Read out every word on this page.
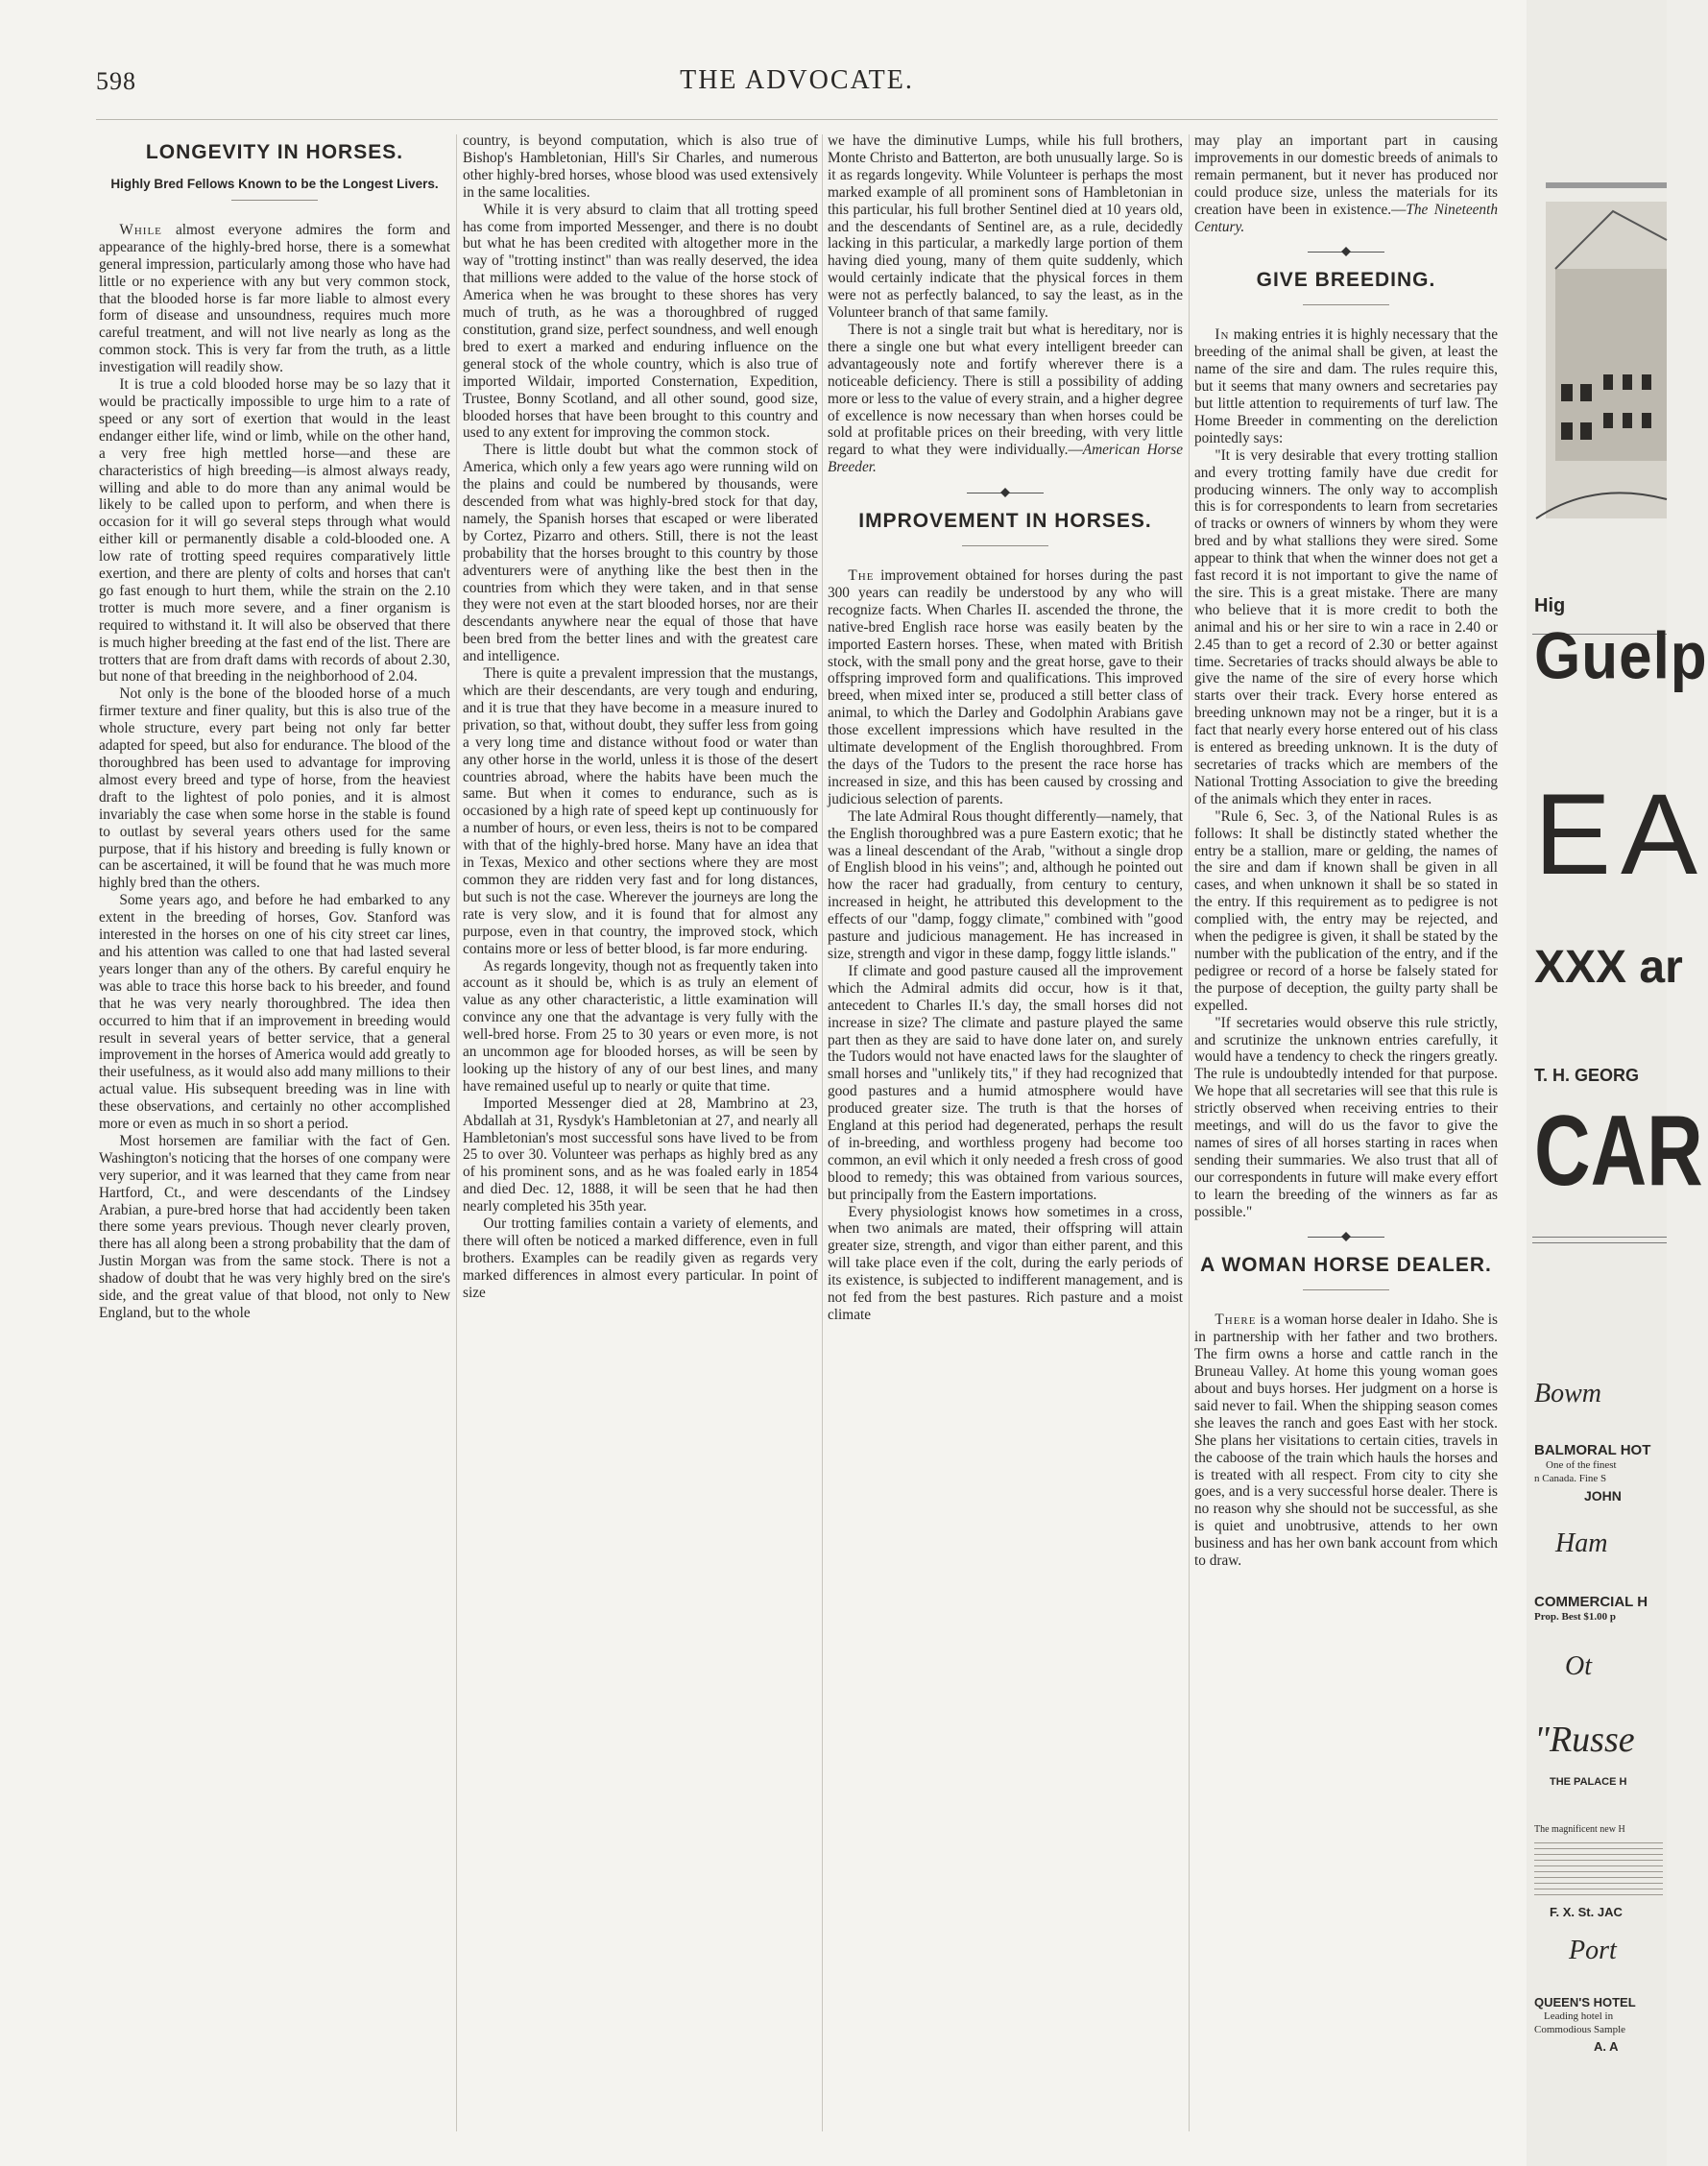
598	THE ADVOCATE.
LONGEVITY IN HORSES.
Highly Bred Fellows Known to be the Longest Livers.

While almost everyone admires the form and appearance of the highly-bred horse, there is a somewhat general impression, particularly among those who have had little or no experience with any but very common stock, that the blooded horse is far more liable to almost every form of disease and unsoundness, requires much more careful treatment, and will not live nearly as long as the common stock. This is very far from the truth, as a little investigation will readily show.

It is true a cold blooded horse may be so lazy that it would be practically impossible to urge him to a rate of speed or any sort of exertion that would in the least endanger either life, wind or limb, while on the other hand, a very free high mettled horse—and these are characteristics of high breeding—is almost always ready, willing and able to do more than any animal would be likely to be called upon to perform, and when there is occasion for it will go several steps through what would either kill or permanently disable a cold-blooded one. A low rate of trotting speed requires comparatively little exertion, and there are plenty of colts and horses that can't go fast enough to hurt them, while the strain on the 2.10 trotter is much more severe, and a finer organism is required to withstand it. It will also be observed that there is much higher breeding at the fast end of the list. There are trotters that are from draft dams with records of about 2.30, but none of that breeding in the neighborhood of 2.04.

Not only is the bone of the blooded horse of a much firmer texture and finer quality, but this is also true of the whole structure, every part being not only far better adapted for speed, but also for endurance. The blood of the thoroughbred has been used to advantage for improving almost every breed and type of horse, from the heaviest draft to the lightest of polo ponies, and it is almost invariably the case when some horse in the stable is found to outlast by several years others used for the same purpose, that if his history and breeding is fully known or can be ascertained, it will be found that he was much more highly bred than the others.

Some years ago, and before he had embarked to any extent in the breeding of horses, Gov. Stanford was interested in the horses on one of his city street car lines, and his attention was called to one that had lasted several years longer than any of the others. By careful enquiry he was able to trace this horse back to his breeder, and found that he was very nearly thoroughbred. The idea then occurred to him that if an improvement in breeding would result in several years of better service, that a general improvement in the horses of America would add greatly to their usefulness, as it would also add many millions to their actual value. His subsequent breeding was in line with these observations, and certainly no other accomplished more or even as much in so short a period.

Most horsemen are familiar with the fact of Gen. Washington's noticing that the horses of one company were very superior, and it was learned that they came from near Hartford, Ct., and were descendants of the Lindsey Arabian, a pure-bred horse that had accidently been taken there some years previous. Though never clearly proven, there has all along been a strong probability that the dam of Justin Morgan was from the same stock. There is not a shadow of doubt that he was very highly bred on the sire's side, and the great value of that blood, not only to New England, but to the whole

country, is beyond computation, which is also true of Bishop's Hambletonian, Hill's Sir Charles, and numerous other highly-bred horses, whose blood was used extensively in the same localities.

While it is very absurd to claim that all trotting speed has come from imported Messenger, and there is no doubt but what he has been credited with altogether more in the way of "trotting instinct" than was really deserved, the idea that millions were added to the value of the horse stock of America when he was brought to these shores has very much of truth, as he was a thoroughbred of rugged constitution, grand size, perfect soundness, and well enough bred to exert a marked and enduring influence on the general stock of the whole country, which is also true of imported Wildair, imported Consternation, Expedition, Trustee, Bonny Scotland, and all other sound, good size, blooded horses that have been brought to this country and used to any extent for improving the common stock.

There is little doubt but what the common stock of America, which only a few years ago were running wild on the plains and could be numbered by thousands, were descended from what was highly-bred stock for that day, namely, the Spanish horses that escaped or were liberated by Cortez, Pizarro and others. Still, there is not the least probability that the horses brought to this country by those adventurers were of anything like the best then in the countries from which they were taken, and in that sense they were not even at the start blooded horses, nor are their descendants anywhere near the equal of those that have been bred from the better lines and with the greatest care and intelligence.

There is quite a prevalent impression that the mustangs, which are their descendants, are very tough and enduring, and it is true that they have become in a measure inured to privation, so that, without doubt, they suffer less from going a very long time and distance without food or water than any other horse in the world, unless it is those of the desert countries abroad, where the habits have been much the same. But when it comes to endurance, such as is occasioned by a high rate of speed kept up continuously for a number of hours, or even less, theirs is not to be compared with that of the highly-bred horse. Many have an idea that in Texas, Mexico and other sections where they are most common they are ridden very fast and for long distances, but such is not the case. Wherever the journeys are long the rate is very slow, and it is found that for almost any purpose, even in that country, the improved stock, which contains more or less of better blood, is far more enduring.

As regards longevity, though not as frequently taken into account as it should be, which is as truly an element of value as any other characteristic, a little examination will convince any one that the advantage is very fully with the well-bred horse. From 25 to 30 years or even more, is not an uncommon age for blooded horses, as will be seen by looking up the history of any of our best lines, and many have remained useful up to nearly or quite that time.

Imported Messenger died at 28, Mambrino at 23, Abdallah at 31, Rysdyk's Hambletonian at 27, and nearly all Hambletonian's most successful sons have lived to be from 25 to over 30. Volunteer was perhaps as highly bred as any of his prominent sons, and as he was foaled early in 1854 and died Dec. 12, 1888, it will be seen that he had then nearly completed his 35th year.

Our trotting families contain a variety of elements, and there will often be noticed a marked difference, even in full brothers. Examples can be readily given as regards very marked differences in almost every particular. In point of size

we have the diminutive Lumps, while his full brothers, Monte Christo and Batterton, are both unusually large. So is it as regards longevity. While Volunteer is perhaps the most marked example of all prominent sons of Hambletonian in this particular, his full brother Sentinel died at 10 years old, and the descendants of Sentinel are, as a rule, decidedly lacking in this particular, a markedly large portion of them having died young, many of them quite suddenly, which would certainly indicate that the physical forces in them were not as perfectly balanced, to say the least, as in the Volunteer branch of that same family.

There is not a single trait but what is hereditary, nor is there a single one but what every intelligent breeder can advantageously note and fortify wherever there is a noticeable deficiency. There is still a possibility of adding more or less to the value of every strain, and a higher degree of excellence is now necessary than when horses could be sold at profitable prices on their breeding, with very little regard to what they were individually.—American Horse Breeder.

IMPROVEMENT IN HORSES.

The improvement obtained for horses during the past 300 years can readily be understood by any who will recognize facts. When Charles II. ascended the throne, the native-bred English race horse was easily beaten by the imported Eastern horses. These, when mated with British stock, with the small pony and the great horse, gave to their offspring improved form and qualifications. This improved breed, when mixed inter se, produced a still better class of animal, to which the Darley and Godolphin Arabians gave those excellent impressions which have resulted in the ultimate development of the English thoroughbred. From the days of the Tudors to the present the race horse has increased in size, and this has been caused by crossing and judicious selection of parents.

The late Admiral Rous thought differently—namely, that the English thoroughbred was a pure Eastern exotic; that he was a lineal descendant of the Arab, "without a single drop of English blood in his veins"; and, although he pointed out how the racer had gradually, from century to century, increased in height, he attributed this development to the effects of our "damp, foggy climate," combined with "good pasture and judicious management. He has increased in size, strength and vigor in these damp, foggy little islands."

If climate and good pasture caused all the improvement which the Admiral admits did occur, how is it that, antecedent to Charles II.'s day, the small horses did not increase in size? The climate and pasture played the same part then as they are said to have done later on, and surely the Tudors would not have enacted laws for the slaughter of small horses and "unlikely tits," if they had recognized that good pastures and a humid atmosphere would have produced greater size. The truth is that the horses of England at this period had degenerated, perhaps the result of in-breeding, and worthless progeny had become too common, an evil which it only needed a fresh cross of good blood to remedy; this was obtained from various sources, but principally from the Eastern importations.

Every physiologist knows how sometimes in a cross, when two animals are mated, their offspring will attain greater size, strength, and vigor than either parent, and this will take place even if the colt, during the early periods of its existence, is subjected to indifferent management, and is not fed from the best pastures. Rich pasture and a moist climate

may play an important part in causing improvements in our domestic breeds of animals to remain permanent, but it never has produced nor could produce size, unless the materials for its creation have been in existence.—The Nineteenth Century.

GIVE BREEDING.

In making entries it is highly necessary that the breeding of the animal shall be given, at least the name of the sire and dam. The rules require this, but it seems that many owners and secretaries pay but little attention to requirements of turf law. The Home Breeder in commenting on the dereliction pointedly says:

"It is very desirable that every trotting stallion and every trotting family have due credit for producing winners. The only way to accomplish this is for correspondents to learn from secretaries of tracks or owners of winners by whom they were bred and by what stallions they were sired. Some appear to think that when the winner does not get a fast record it is not important to give the name of the sire. This is a great mistake. There are many who believe that it is more credit to both the animal and his or her sire to win a race in 2.40 or 2.45 than to get a record of 2.30 or better against time. Secretaries of tracks should always be able to give the name of the sire of every horse which starts over their track. Every horse entered as breeding unknown may not be a ringer, but it is a fact that nearly every horse entered out of his class is entered as breeding unknown. It is the duty of secretaries of tracks which are members of the National Trotting Association to give the breeding of the animals which they enter in races.

"Rule 6, Sec. 3, of the National Rules is as follows: It shall be distinctly stated whether the entry be a stallion, mare or gelding, the names of the sire and dam if known shall be given in all cases, and when unknown it shall be so stated in the entry. If this requirement as to pedigree is not complied with, the entry may be rejected, and when the pedigree is given, it shall be stated by the number with the publication of the entry, and if the pedigree or record of a horse be falsely stated for the purpose of deception, the guilty party shall be expelled.

"If secretaries would observe this rule strictly, and scrutinize the unknown entries carefully, it would have a tendency to check the ringers greatly. The rule is undoubtedly intended for that purpose. We hope that all secretaries will see that this rule is strictly observed when receiving entries to their meetings, and will do us the favor to give the names of sires of all horses starting in races when sending their summaries. We also trust that all of our correspondents in future will make every effort to learn the breeding of the winners as far as possible."

A WOMAN HORSE DEALER.

There is a woman horse dealer in Idaho. She is in partnership with her father and two brothers. The firm owns a horse and cattle ranch in the Bruneau Valley. At home this young woman goes about and buys horses. Her judgment on a horse is said never to fail. When the shipping season comes she leaves the ranch and goes East with her stock. She plans her visitations to certain cities, travels in the caboose of the train which hauls the horses and is treated with all respect. From city to city she goes, and is a very successful horse dealer. There is no reason why she should not be successful, as she is quiet and unobtrusive, attends to her own business and has her own bank account from which to draw.

Hig
Guelp
EA
XXX ar
T. H. GEORG
CAR
Bowm
BALMORAL HOT
One of the finest
n Canada. Fine S
JOHN
Ham
COMMERCIAL H
Prop. Best $1.00 p
Ot
"Russe
THE PALACE H
The magnificent new H
F. X. St. JAC
Port
QUEEN'S HOTEL
Leading hotel in
Commodious Sample
A. A
